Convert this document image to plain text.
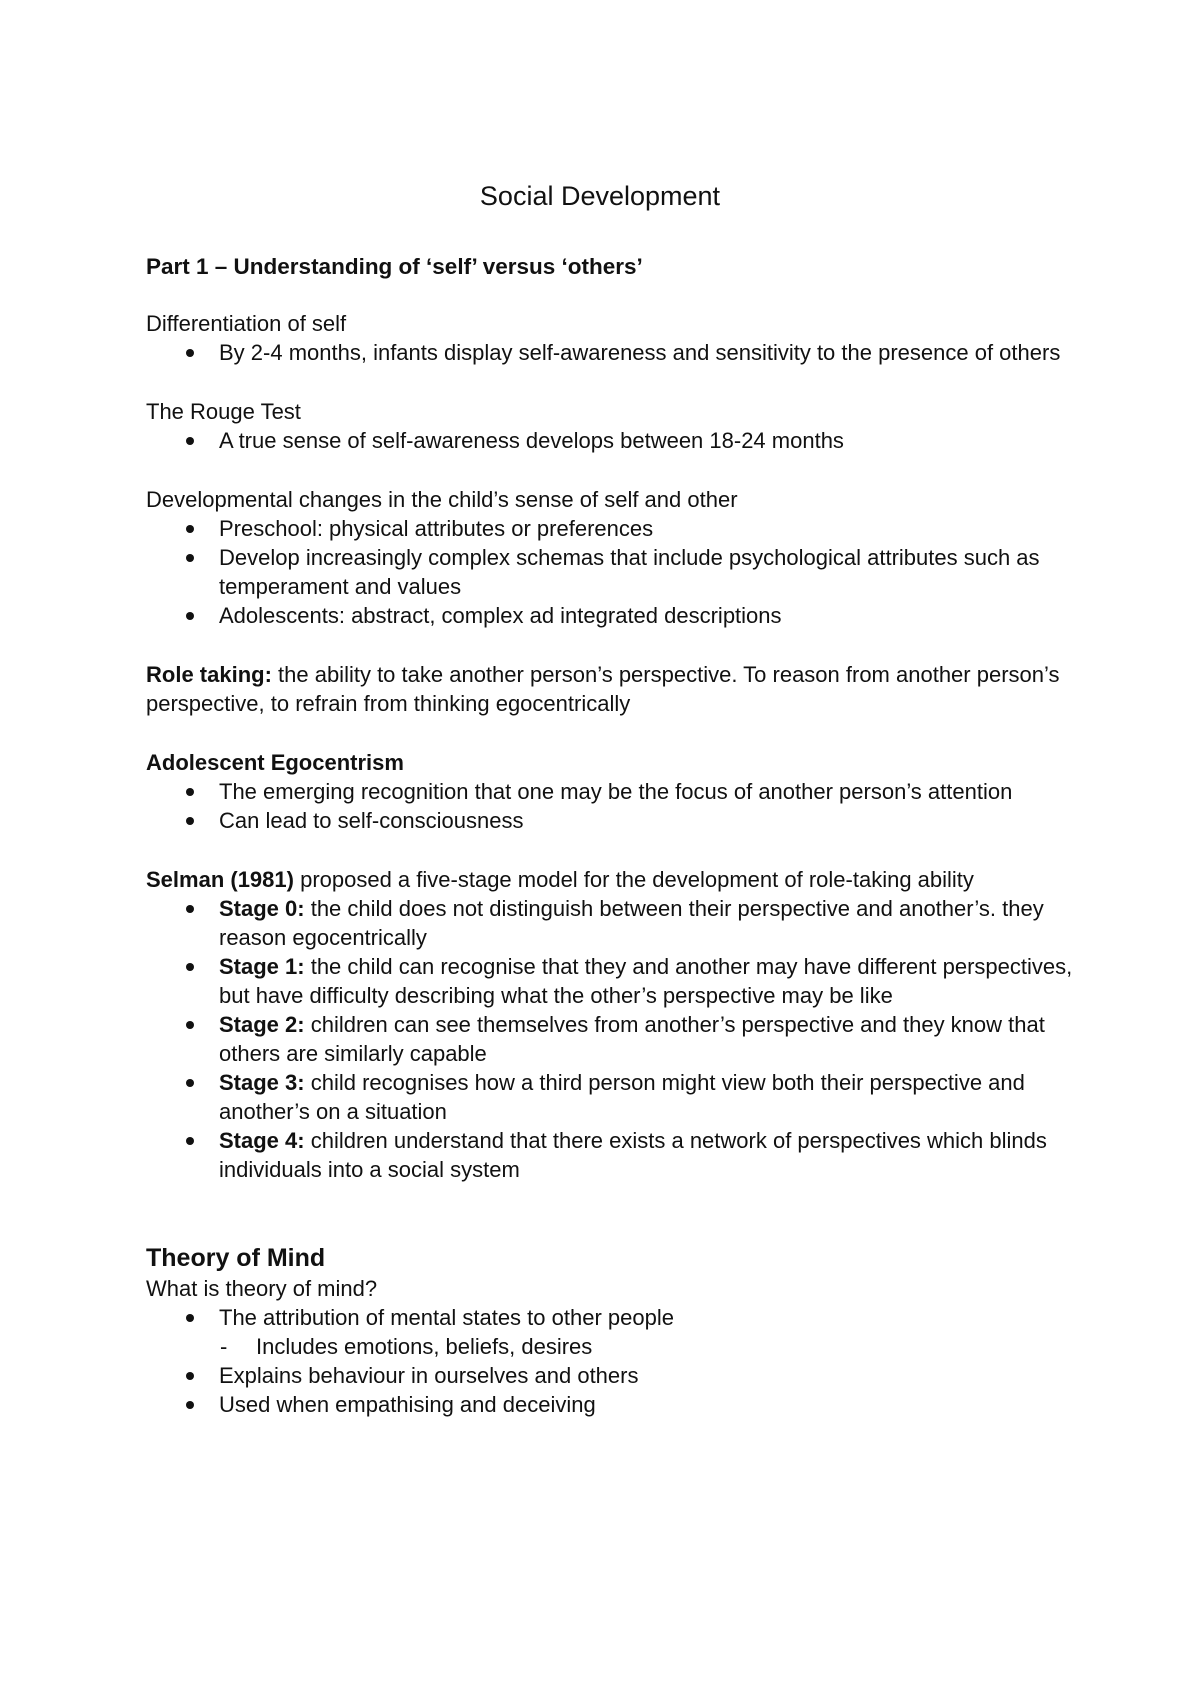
Social Development

Part 1 – Understanding of ‘self’ versus ‘others’

Differentiation of self

By 2-4 months, infants display self-awareness and sensitivity to the presence of others

The Rouge Test

A true sense of self-awareness develops between 18-24 months

Developmental changes in the child’s sense of self and other

Preschool: physical attributes or preferences
Develop increasingly complex schemas that include psychological attributes such as temperament and values
Adolescents: abstract, complex ad integrated descriptions

Role taking: the ability to take another person’s perspective. To reason from another person’s perspective, to refrain from thinking egocentrically

Adolescent Egocentrism

The emerging recognition that one may be the focus of another person’s attention
Can lead to self-consciousness

Selman (1981) proposed a five-stage model for the development of role-taking ability

Stage 0: the child does not distinguish between their perspective and another’s. they reason egocentrically
Stage 1: the child can recognise that they and another may have different perspectives, but have difficulty describing what the other’s perspective may be like
Stage 2: children can see themselves from another’s perspective and they know that others are similarly capable
Stage 3: child recognises how a third person might view both their perspective and another’s on a situation
Stage 4: children understand that there exists a network of perspectives which blinds individuals into a social system

Theory of Mind

What is theory of mind?

The attribution of mental states to other people
- Includes emotions, beliefs, desires
Explains behaviour in ourselves and others
Used when empathising and deceiving
